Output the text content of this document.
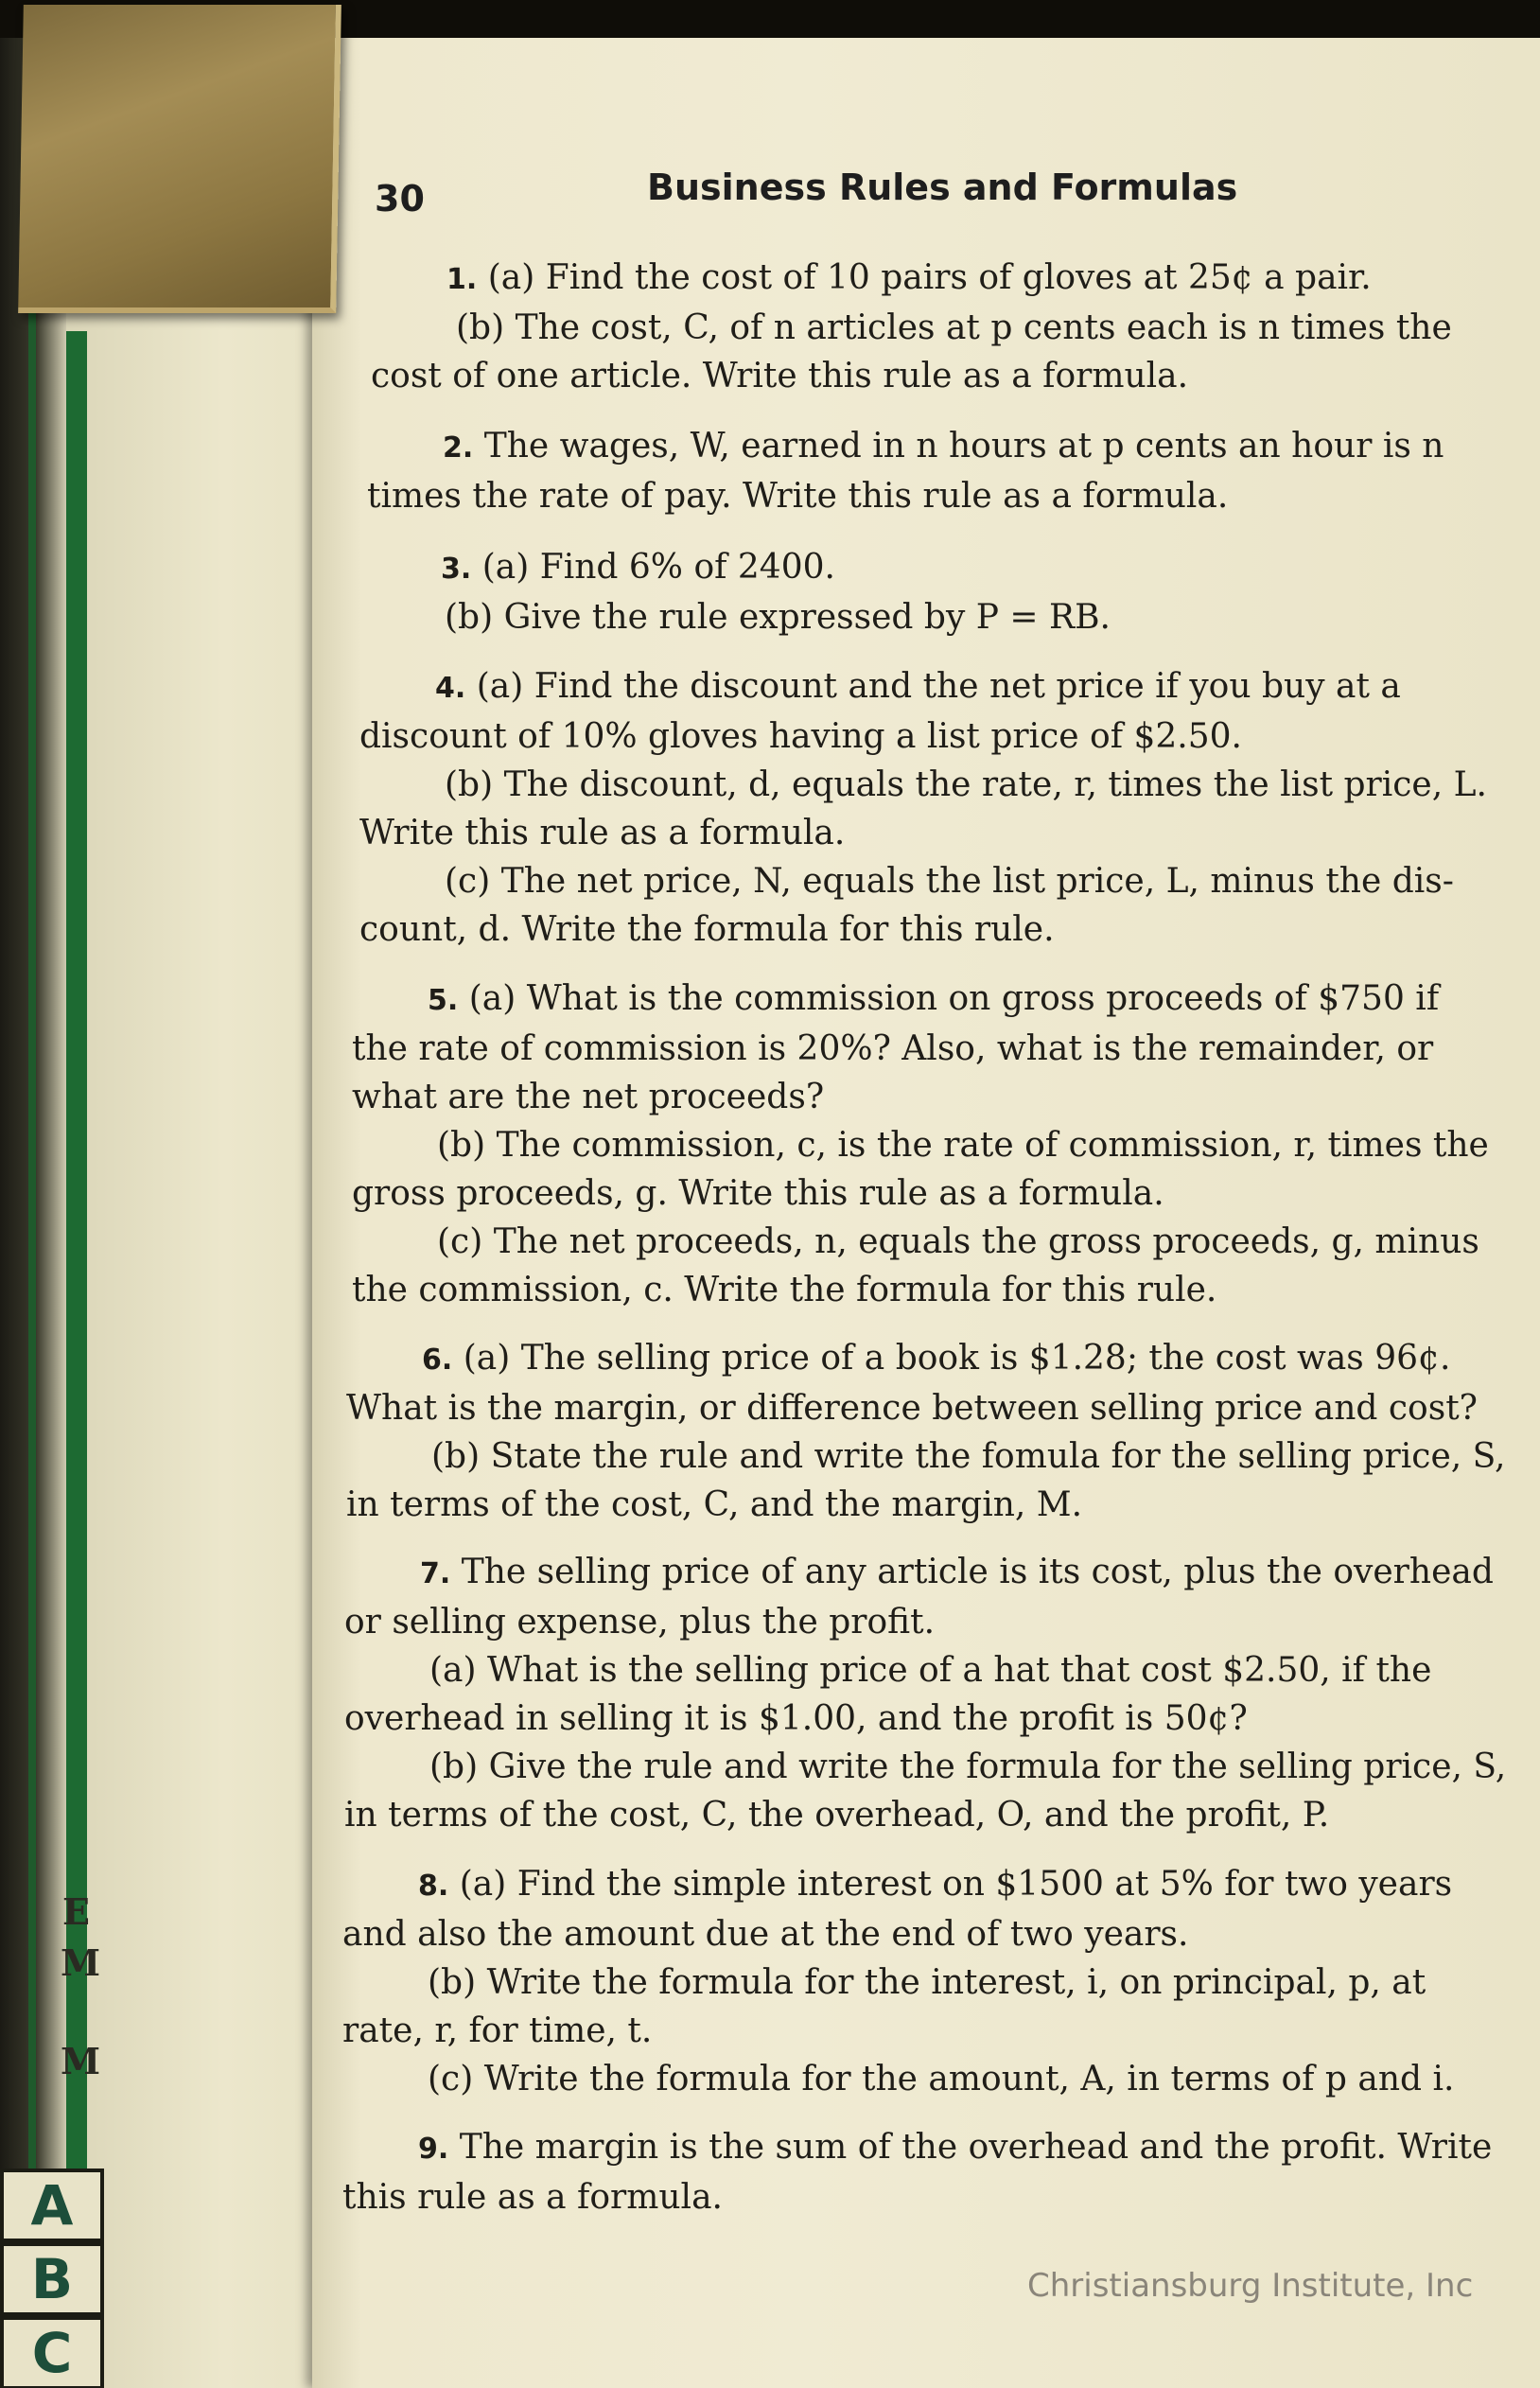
E
M
M
A
B
C
30	Business Rules and Formulas
1. (a) Find the cost of 10 pairs of gloves at 25¢ a pair.
(b) The cost, C, of n articles at p cents each is n times the
cost of one article. Write this rule as a formula.
2. The wages, W, earned in n hours at p cents an hour is n
times the rate of pay. Write this rule as a formula.
3. (a) Find 6% of 2400.
(b) Give the rule expressed by P = RB.
4. (a) Find the discount and the net price if you buy at a
discount of 10% gloves having a list price of $2.50.
(b) The discount, d, equals the rate, r, times the list price, L.
Write this rule as a formula.
(c) The net price, N, equals the list price, L, minus the dis-
count, d. Write the formula for this rule.
5. (a) What is the commission on gross proceeds of $750 if
the rate of commission is 20%? Also, what is the remainder, or
what are the net proceeds?
(b) The commission, c, is the rate of commission, r, times the
gross proceeds, g. Write this rule as a formula.
(c) The net proceeds, n, equals the gross proceeds, g, minus
the commission, c. Write the formula for this rule.
6. (a) The selling price of a book is $1.28; the cost was 96¢.
What is the margin, or difference between selling price and cost?
(b) State the rule and write the fomula for the selling price, S,
in terms of the cost, C, and the margin, M.
7. The selling price of any article is its cost, plus the overhead
or selling expense, plus the profit.
(a) What is the selling price of a hat that cost $2.50, if the
overhead in selling it is $1.00, and the profit is 50¢?
(b) Give the rule and write the formula for the selling price, S,
in terms of the cost, C, the overhead, O, and the profit, P.
8. (a) Find the simple interest on $1500 at 5% for two years
and also the amount due at the end of two years.
(b) Write the formula for the interest, i, on principal, p, at
rate, r, for time, t.
(c) Write the formula for the amount, A, in terms of p and i.
9. The margin is the sum of the overhead and the profit. Write
this rule as a formula.
Christiansburg Institute, Inc
